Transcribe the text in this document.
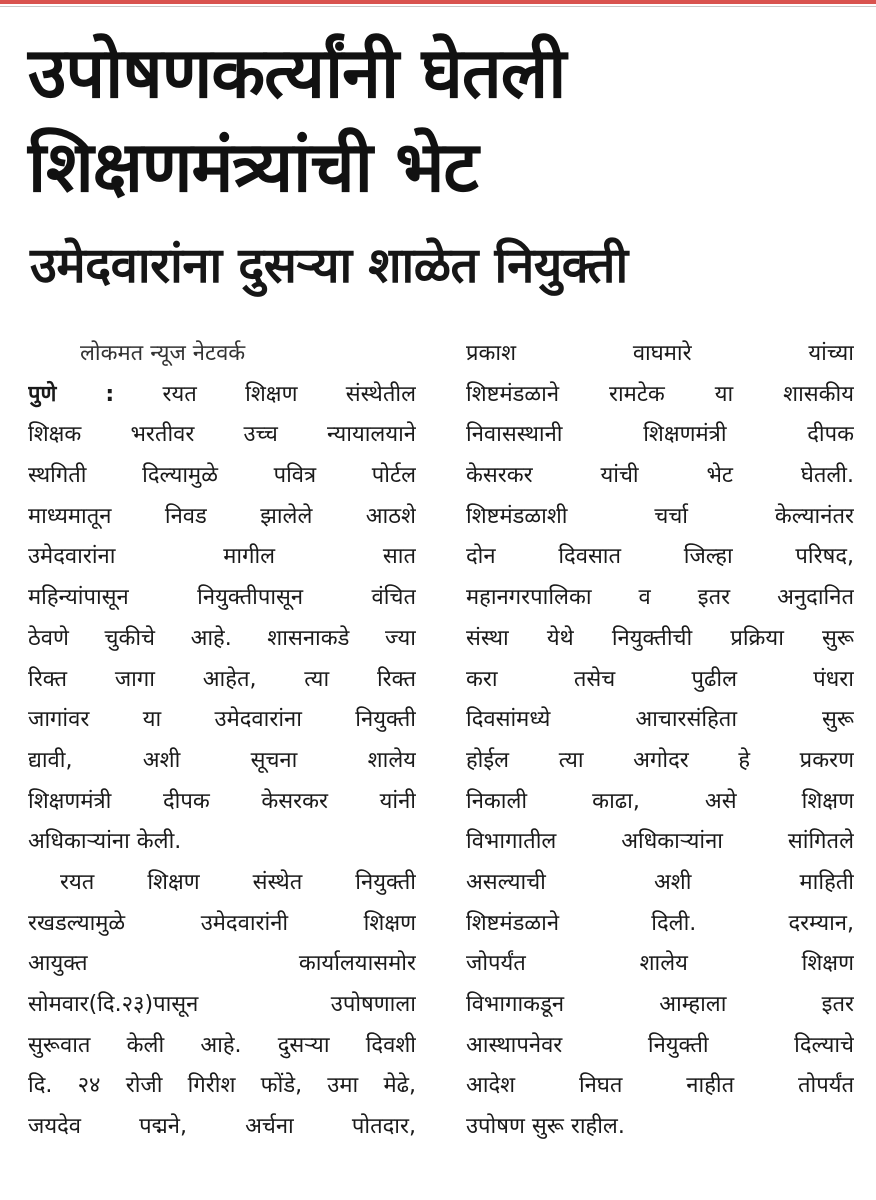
उपोषणकर्त्यांनी घेतली
शिक्षणमंत्र्यांची भेट
उमेदवारांना दुसऱ्या शाळेत नियुक्ती
लोकमत न्यूज नेटवर्क
पुणे : रयत शिक्षण संस्थेतील
शिक्षक भरतीवर उच्च न्यायालयाने
स्थगिती दिल्यामुळे पवित्र पोर्टल
माध्यमातून निवड झालेले आठशे
उमेदवारांना मागील सात
महिन्यांपासून नियुक्तीपासून वंचित
ठेवणे चुकीचे आहे. शासनाकडे ज्या
रिक्त जागा आहेत, त्या रिक्त
जागांवर या उमेदवारांना नियुक्ती
द्यावी, अशी सूचना शालेय
शिक्षणमंत्री दीपक केसरकर यांनी
अधिकाऱ्यांना केली.
रयत शिक्षण संस्थेत नियुक्ती
रखडल्यामुळे उमेदवारांनी शिक्षण
आयुक्त कार्यालयासमोर
सोमवार(दि.२३)पासून उपोषणाला
सुरूवात केली आहे. दुसऱ्या दिवशी
दि. २४ रोजी गिरीश फोंडे, उमा मेढे,
जयदेव पद्मने, अर्चना पोतदार,
प्रकाश वाघमारे यांच्या
शिष्टमंडळाने रामटेक या शासकीय
निवासस्थानी शिक्षणमंत्री दीपक
केसरकर यांची भेट घेतली.
शिष्टमंडळाशी चर्चा केल्यानंतर
दोन दिवसात जिल्हा परिषद,
महानगरपालिका व इतर अनुदानित
संस्था येथे नियुक्तीची प्रक्रिया सुरू
करा तसेच पुढील पंधरा
दिवसांमध्ये आचारसंहिता सुरू
होईल त्या अगोदर हे प्रकरण
निकाली काढा, असे शिक्षण
विभागातील अधिकाऱ्यांना सांगितले
असल्याची अशी माहिती
शिष्टमंडळाने दिली. दरम्यान,
जोपर्यंत शालेय शिक्षण
विभागाकडून आम्हाला इतर
आस्थापनेवर नियुक्ती दिल्याचे
आदेश निघत नाहीत तोपर्यंत
उपोषण सुरू राहील.
